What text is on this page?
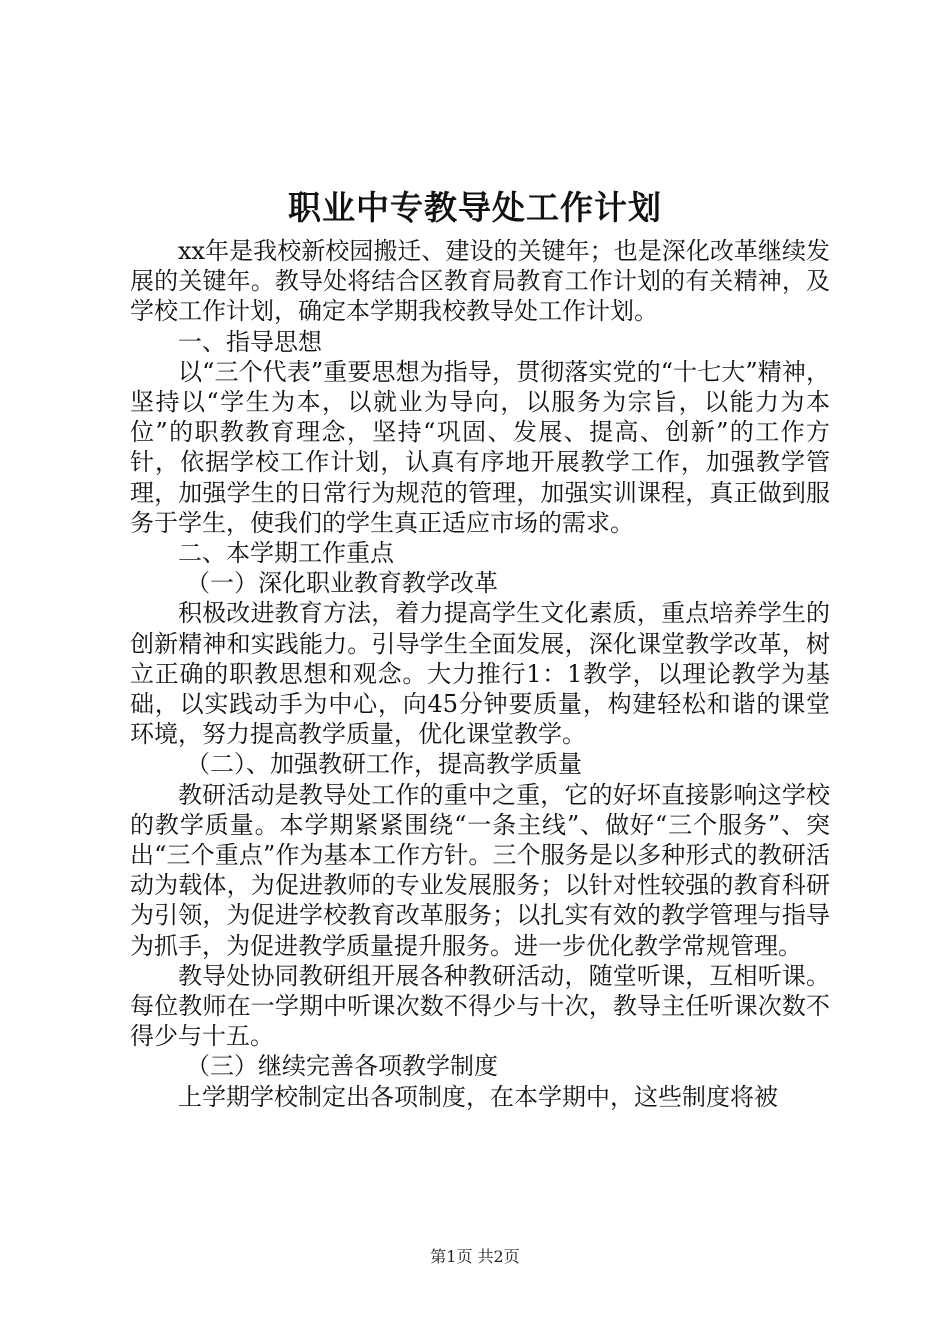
职业中专教导处工作计划

xx年是我校新校园搬迁、建设的关键年；也是深化改革继续发展的关键年。教导处将结合区教育局教育工作计划的有关精神，及学校工作计划，确定本学期我校教导处工作计划。

一、指导思想

以“三个代表”重要思想为指导，贯彻落实党的“十七大”精神，坚持以“学生为本，以就业为导向，以服务为宗旨，以能力为本位”的职教教育理念，坚持“巩固、发展、提高、创新”的工作方针，依据学校工作计划，认真有序地开展教学工作，加强教学管理，加强学生的日常行为规范的管理，加强实训课程，真正做到服务于学生，使我们的学生真正适应市场的需求。

二、本学期工作重点

（一）深化职业教育教学改革

积极改进教育方法，着力提高学生文化素质，重点培养学生的创新精神和实践能力。引导学生全面发展，深化课堂教学改革，树立正确的职教思想和观念。大力推行1：1教学，以理论教学为基础，以实践动手为中心，向45分钟要质量，构建轻松和谐的课堂环境，努力提高教学质量，优化课堂教学。

（二）、加强教研工作，提高教学质量

教研活动是教导处工作的重中之重，它的好坏直接影响这学校的教学质量。本学期紧紧围绕“一条主线”、做好“三个服务”、突出“三个重点”作为基本工作方针。三个服务是以多种形式的教研活动为载体，为促进教师的专业发展服务；以针对性较强的教育科研为引领，为促进学校教育改革服务；以扎实有效的教学管理与指导为抓手，为促进教学质量提升服务。进一步优化教学常规管理。

教导处协同教研组开展各种教研活动，随堂听课，互相听课。每位教师在一学期中听课次数不得少与十次，教导主任听课次数不得少与十五。

（三）继续完善各项教学制度

上学期学校制定出各项制度，在本学期中，这些制度将被

第1页 共2页
